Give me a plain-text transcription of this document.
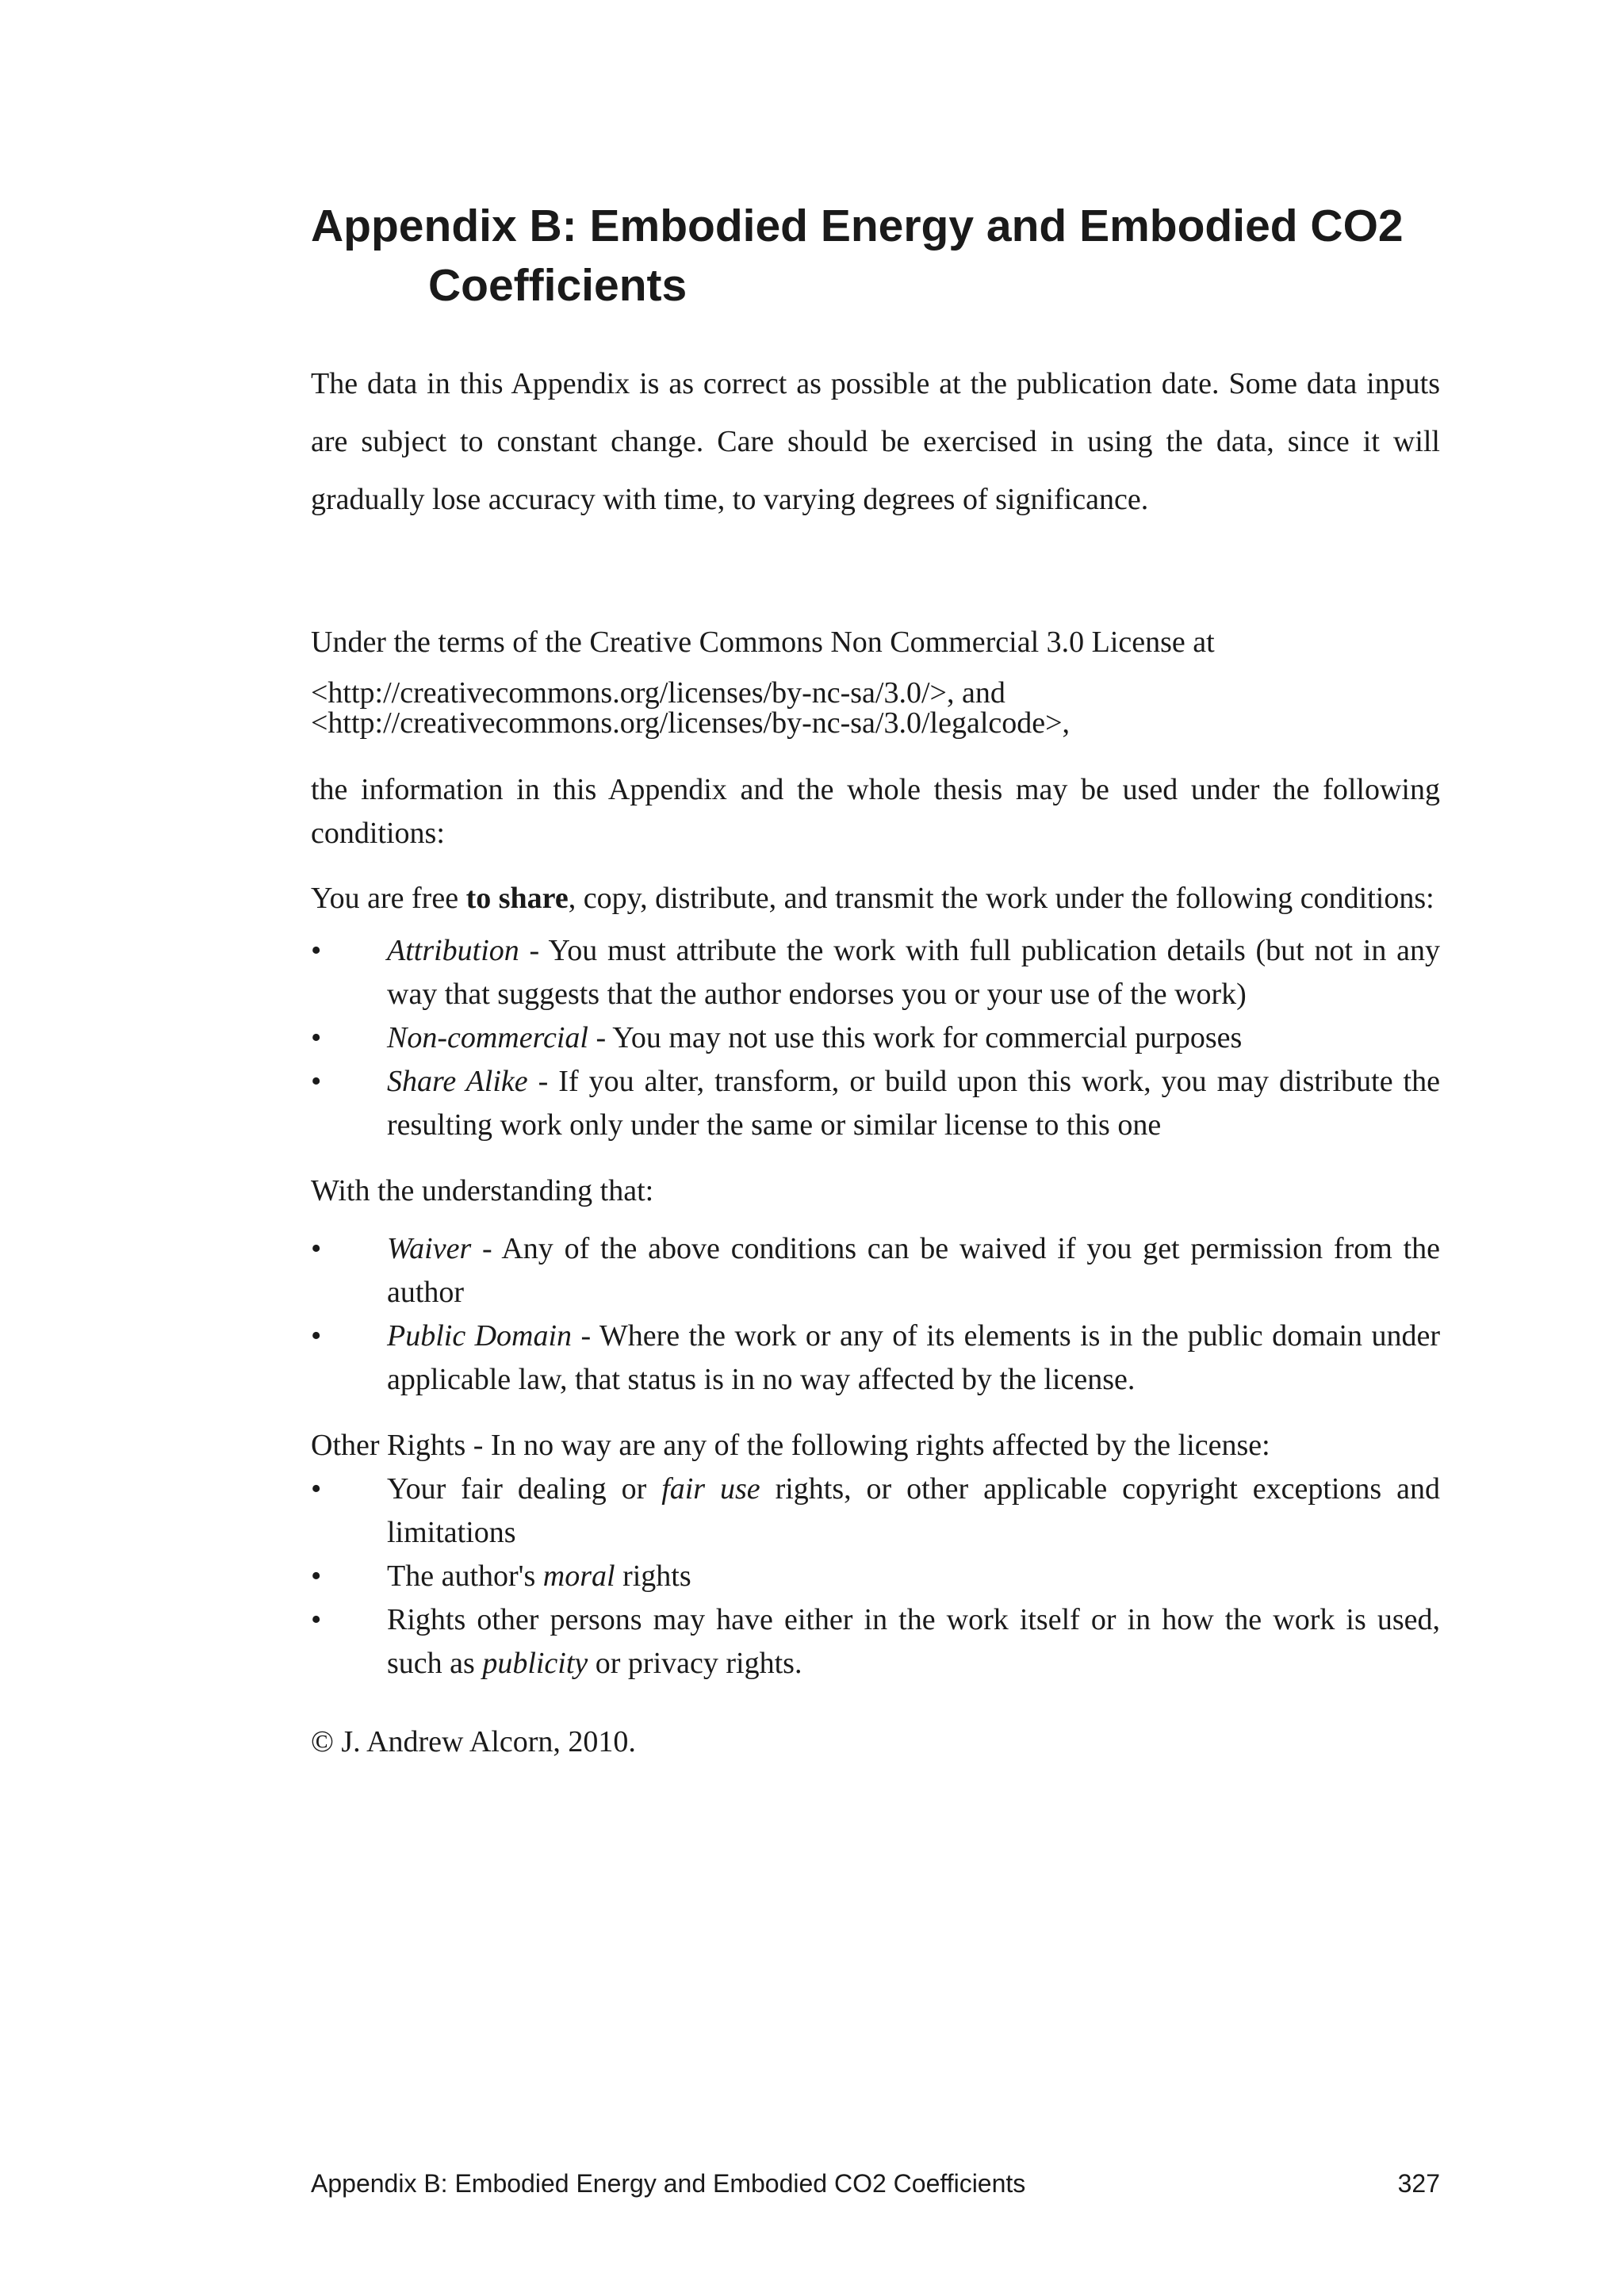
Appendix B: Embodied Energy and Embodied CO2 Coefficients

The data in this Appendix is as correct as possible at the publication date. Some data inputs are subject to constant change. Care should be exercised in using the data, since it will gradually lose accuracy with time, to varying degrees of significance.

Under the terms of the Creative Commons Non Commercial 3.0 License at

<http://creativecommons.org/licenses/by-nc-sa/3.0/>, and
<http://creativecommons.org/licenses/by-nc-sa/3.0/legalcode>,

the information in this Appendix and the whole thesis may be used under the following conditions:

You are free to share, copy, distribute, and transmit the work under the following conditions:

• Attribution - You must attribute the work with full publication details (but not in any way that suggests that the author endorses you or your use of the work)
• Non-commercial - You may not use this work for commercial purposes
• Share Alike - If you alter, transform, or build upon this work, you may distribute the resulting work only under the same or similar license to this one

With the understanding that:

• Waiver - Any of the above conditions can be waived if you get permission from the author
• Public Domain - Where the work or any of its elements is in the public domain under applicable law, that status is in no way affected by the license.

Other Rights - In no way are any of the following rights affected by the license:

• Your fair dealing or fair use rights, or other applicable copyright exceptions and limitations
• The author's moral rights
• Rights other persons may have either in the work itself or in how the work is used, such as publicity or privacy rights.

© J. Andrew Alcorn, 2010.

Appendix B: Embodied Energy and Embodied CO2 Coefficients	327
